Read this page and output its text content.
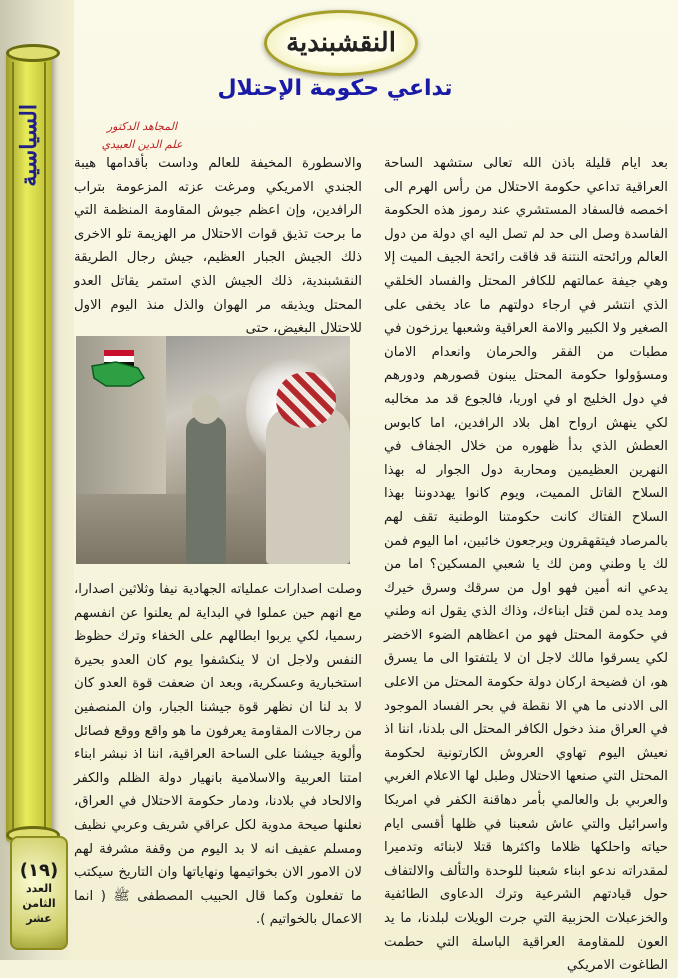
السياسية
(١٩)
العدد
الثامن
عشر
النقشبندية
تداعي حكومة الإحتلال
المجاهد الدكتور
علم الدين العبيدي

بعد ايام قليلة باذن الله تعالى ستشهد الساحة العراقية تداعي حكومة الاحتلال من رأس الهرم الى اخمصه فالسفاد المستشري عند رموز هذه الحكومة الفاسدة وصل الى حد لم تصل اليه اي دولة من دول العالم ورائحته النتنة قد فاقت رائحة الجيف الميت إلا وهي جيفة عمالتهم للكافر المحتل والفساد الخلقي الذي انتشر في ارجاء دولتهم ما عاد يخفى على الصغير ولا الكبير والامة العراقية وشعبها يرزخون في مطبات من الفقر والحرمان وانعدام الامان ومسؤولوا حكومة المحتل يبنون قصورهم ودورهم في دول الخليج او في اوربا، فالجوع قد مد مخالبه لكي ينهش ارواح اهل بلاد الرافدين، اما كابوس العطش الذي بدأ ظهوره من خلال الجفاف في النهرين العظيمين ومحاربة دول الجوار له بهذا السلاح القاتل المميت، ويوم كانوا يهددوننا بهذا السلاح الفتاك كانت حكومتنا الوطنية تقف لهم بالمرصاد فيتقهقرون ويرجعون خائبين، اما اليوم فمن لك يا وطني ومن لك يا شعبي المسكين؟ اما من يدعي انه أمين فهو اول من سرقك وسرق خيرك ومد يده لمن قتل ابناءك، وذاك الذي يقول انه وطني في حكومة المحتل فهو من اعظاهم الضوء الاخضر لكي يسرقوا مالك لاجل ان لا يلتفتوا الى ما يسرق هو، ان فضيحة اركان دولة حكومة المحتل من الاعلى الى الادنى ما هي الا نقطة في بحر الفساد الموجود في العراق منذ دخول الكافر المحتل الى بلدنا، اننا اذ نعيش اليوم تهاوي العروش الكارتونية لحكومة المحتل التي صنعها الاحتلال وطبل لها الاعلام الغربي والعربي بل والعالمي بأمر دهاقنة الكفر في امريكا واسرائيل والتي عاش شعبنا في ظلها أقسى ايام حياته واحلكها ظلاما واكثرها قتلا لابنائه وتدميرا لمقدراته ندعو ابناء شعبنا للوحدة والتألف والالتفاف حول قيادتهم الشرعية وترك الدعاوى الطائفية والخزعبلات الحزبية التي جرت الويلات لبلدنا، ما يد العون للمقاومة العراقية الباسلة التي حطمت الطاغوت الامريكي

والاسطورة المخيفة للعالم وداست بأقدامها هيبة الجندي الامريكي ومرغت عزته المزعومة بتراب الرافدين، وإن اعظم جيوش المقاومة المنظمة التي ما برحت تذيق قوات الاحتلال مر الهزيمة تلو الاخرى ذلك الجيش الجبار العظيم، جيش رجال الطريقة النقشبندية، ذلك الجيش الذي استمر يقاتل العدو المحتل ويذيقه مر الهوان والذل منذ اليوم الاول للاحتلال البغيض، حتى

وصلت اصدارات عملياته الجهادية نيفا وثلاثين اصدارا، مع انهم حين عملوا في البداية لم يعلنوا عن انفسهم رسميا، لكي يربوا ابطالهم على الخفاء وترك حظوظ النفس ولاجل ان لا ينكشفوا يوم كان العدو بحيرة استخبارية وعسكرية، وبعد ان ضعفت قوة العدو كان لا بد لنا ان نظهر قوة جيشنا الجبار، وان المنصفين من رجالات المقاومة يعرفون ما هو واقع ووقع فصائل وألوية جيشنا على الساحة العراقية، اننا اذ نبشر ابناء امتنا العربية والاسلامية بانهيار دولة الظلم والكفر والالحاد في بلادنا، ودمار حكومة الاحتلال في العراق، نعلنها صيحة مدوية لكل عراقي شريف وعربي نظيف ومسلم عفيف انه لا بد اليوم من وقفة مشرفة لهم لان الامور الان بخواتيمها ونهاياتها وان التاريخ سيكتب ما تفعلون وكما قال الحبيب المصطفى ﷺ ( انما الاعمال بالخواتيم ).
